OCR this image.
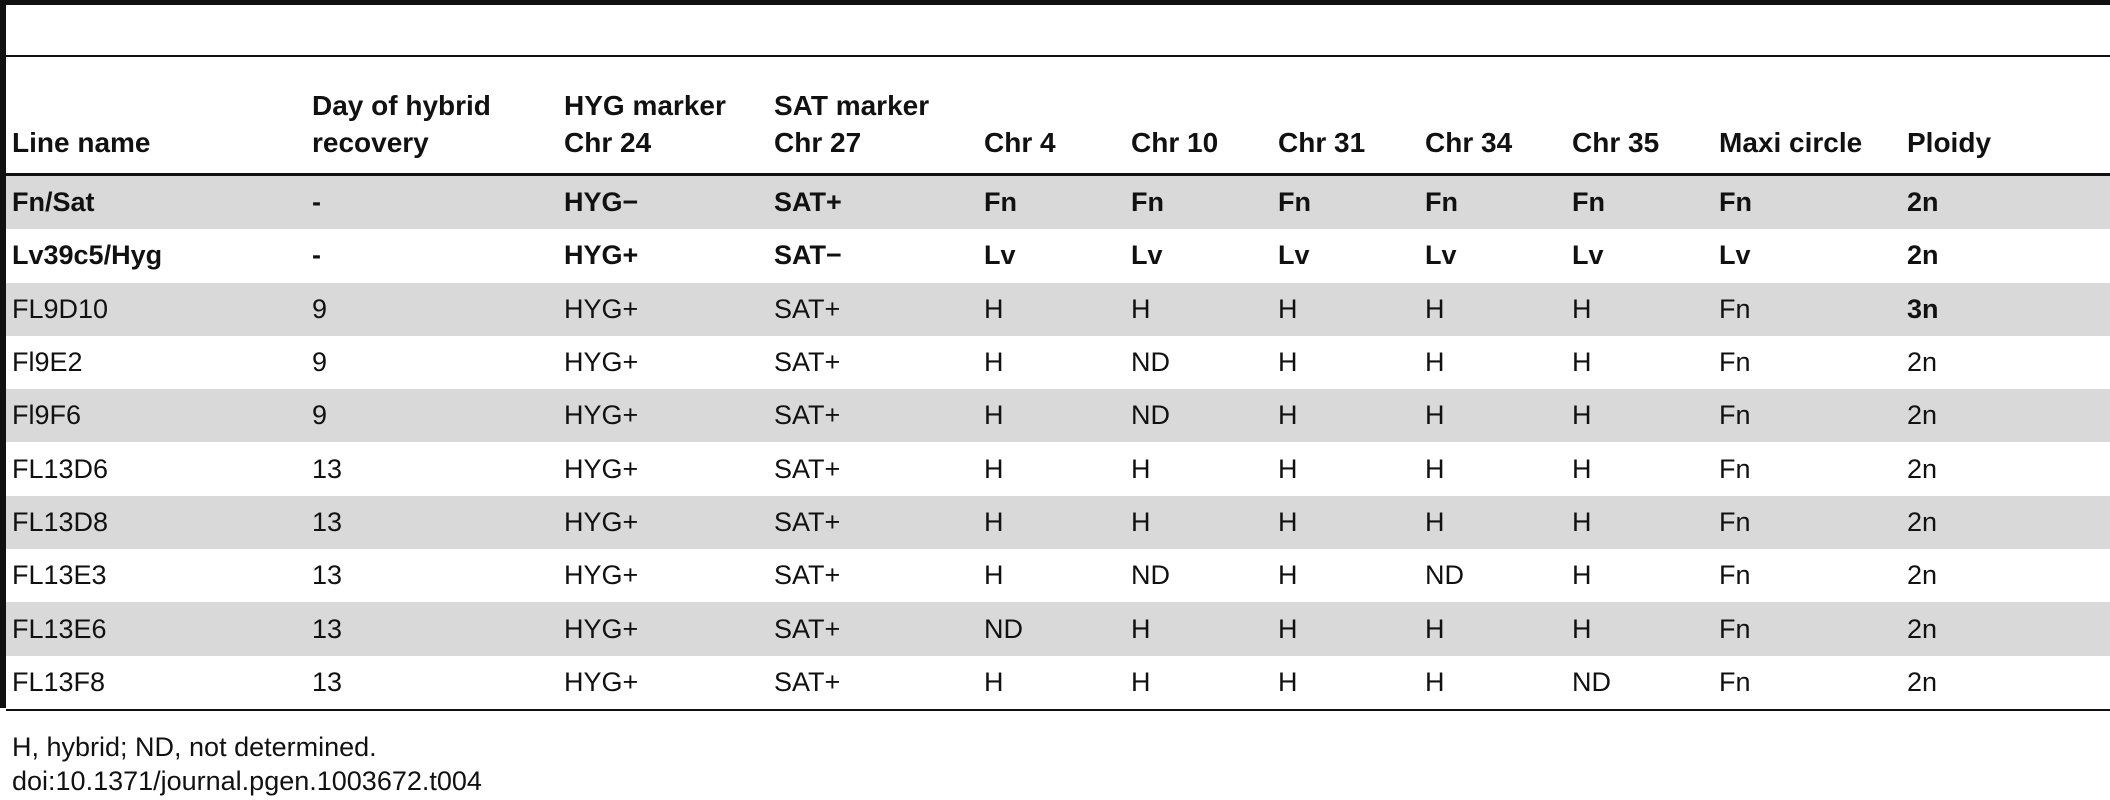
Line name	Day of hybrid recovery	HYG marker Chr 24	SAT marker Chr 27	Chr 4	Chr 10	Chr 31	Chr 34	Chr 35	Maxi circle	Ploidy
Fn/Sat	-	HYG−	SAT+	Fn	Fn	Fn	Fn	Fn	Fn	2n
Lv39c5/Hyg	-	HYG+	SAT−	Lv	Lv	Lv	Lv	Lv	Lv	2n
FL9D10	9	HYG+	SAT+	H	H	H	H	H	Fn	3n
Fl9E2	9	HYG+	SAT+	H	ND	H	H	H	Fn	2n
Fl9F6	9	HYG+	SAT+	H	ND	H	H	H	Fn	2n
FL13D6	13	HYG+	SAT+	H	H	H	H	H	Fn	2n
FL13D8	13	HYG+	SAT+	H	H	H	H	H	Fn	2n
FL13E3	13	HYG+	SAT+	H	ND	H	ND	H	Fn	2n
FL13E6	13	HYG+	SAT+	ND	H	H	H	H	Fn	2n
FL13F8	13	HYG+	SAT+	H	H	H	H	ND	Fn	2n
H, hybrid; ND, not determined.
doi:10.1371/journal.pgen.1003672.t004
